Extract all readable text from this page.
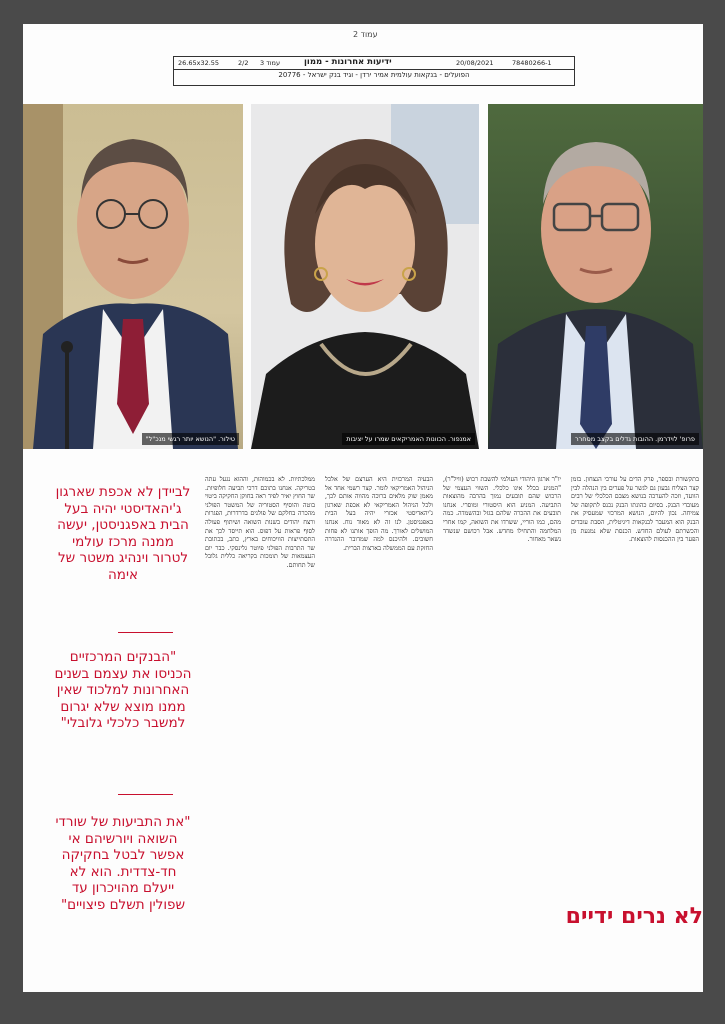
עמוד 2
26.65x32.55	2/2 עמוד 3	ידיעות אחרונות - ממון	20/08/2021	78480266-1
הפועלים - בנקאות עולמית אמיר ירדן - וגיד בנק ישראל - 20776
טילור. "הנושא יותר רגשי מנכ"ל"	אמנפור. הכוונות האמריקאים שמרו על יציבות	פרופ' לוידרמן. ההובות גדלים בקצב מסחרר
ממלכתיות. לא בכמוהות, וההוא נגעל עתה בטריקה. אנחנו בתוכם דרכי תביעה חלופיות. שר החוץ יאיר לפיד ראה בחוקן החקיקה ביטוי בוטה והוסיף הסטוריה של המשטר הפולני מהכרה בחלקם של פולנים בדרדרות, הפגרות ורצח יהודים בשנות השואה ושיתוף פעולה לסוף פראות על דפוס. הוא תייסד לכך את התסתייצות הוויכוחים בארץ, כתב, בכתובת שר התרבות הפולני פיוטר גלינסקי. כבר יום העצמאות של תומכות בקריאה כללית גלובל של תחותם.
הבעיה המרכזית היא הערצם של אלכל הניהול האמריקאי לומר. קצר רשמי אחד אל מאמן שוק מלאים ברוכה מהווה אותם לכך, ולכל הניהול האמריקאי לא אכפת שארגון ג'יהאדיסטי אכזרי יהיה בעל הבית באפגניסטן. לנו זה לא מאוד נוח. אנחנו המושלים לאורך. מה הופך אותנו לא פחות חשובים. ולהיכנס למה שמדובר ההגדרה החזקת עם הממשלה בארצות הברית.
יו"ר ארגון היהודי העולמי להשבת רכוש (וויל"ר), "המניע בכלל אינו כלכלי. השווי העצמי של הרכוש שהם תובעים נמוך בהרבה מהוצאות התביעה. המניע הוא היסטורי ומוסרי. אנחנו תובעים את ההכרה שלהם בגזל ובהשמדה. כמה מהם, כמו הוריי, ששרדו את השואה, קמו אחרי המלחמה והתחילו מחדש. אבל רכושם שנשדד נשאר מאחור.
בתקשורת ובספר, פרק הדים על עורכי הנצחון. בזמן קצר הצליח גבעון גם לגשר על פערים בין הנהלה לבין הוועד, וזכה להערכה בנושא מצבם הכלכלי של רבים מעובדי הבנק. בסיום כהונתו הבנק נכנס לתקופה של צמיחה. נכון להיום, הנושא המרכזי שמעסיק את הבנק הוא המעבר לבנקאות דיגיטלית, הסבת עובדים והכשרתם לעולם החדש. הכנסת שלא נמנעת מן הפער בין ההכנסות להוצאות.
לביידן לא אכפת שארגון ג'יהאדיסטי יהיה בעל הבית באפגניסטן, יעשה ממנה מרכז עולמי לטרור וינהיג משטר של אימה
"הבנקים המרכזיים הכניסו את עצמם בשנים האחרונות למלכוד שאין ממנו מוצא שלא יגרום למשבר כלכלי גלובלי"
"את התביעות של שורדי השואה ויורשיהם אי אפשר לבטל בחקיקה חד-צדדית. הוא לא ייעלם מהויכרון עד שפולין תשלם פיצויים"	לא נרים ידיים
